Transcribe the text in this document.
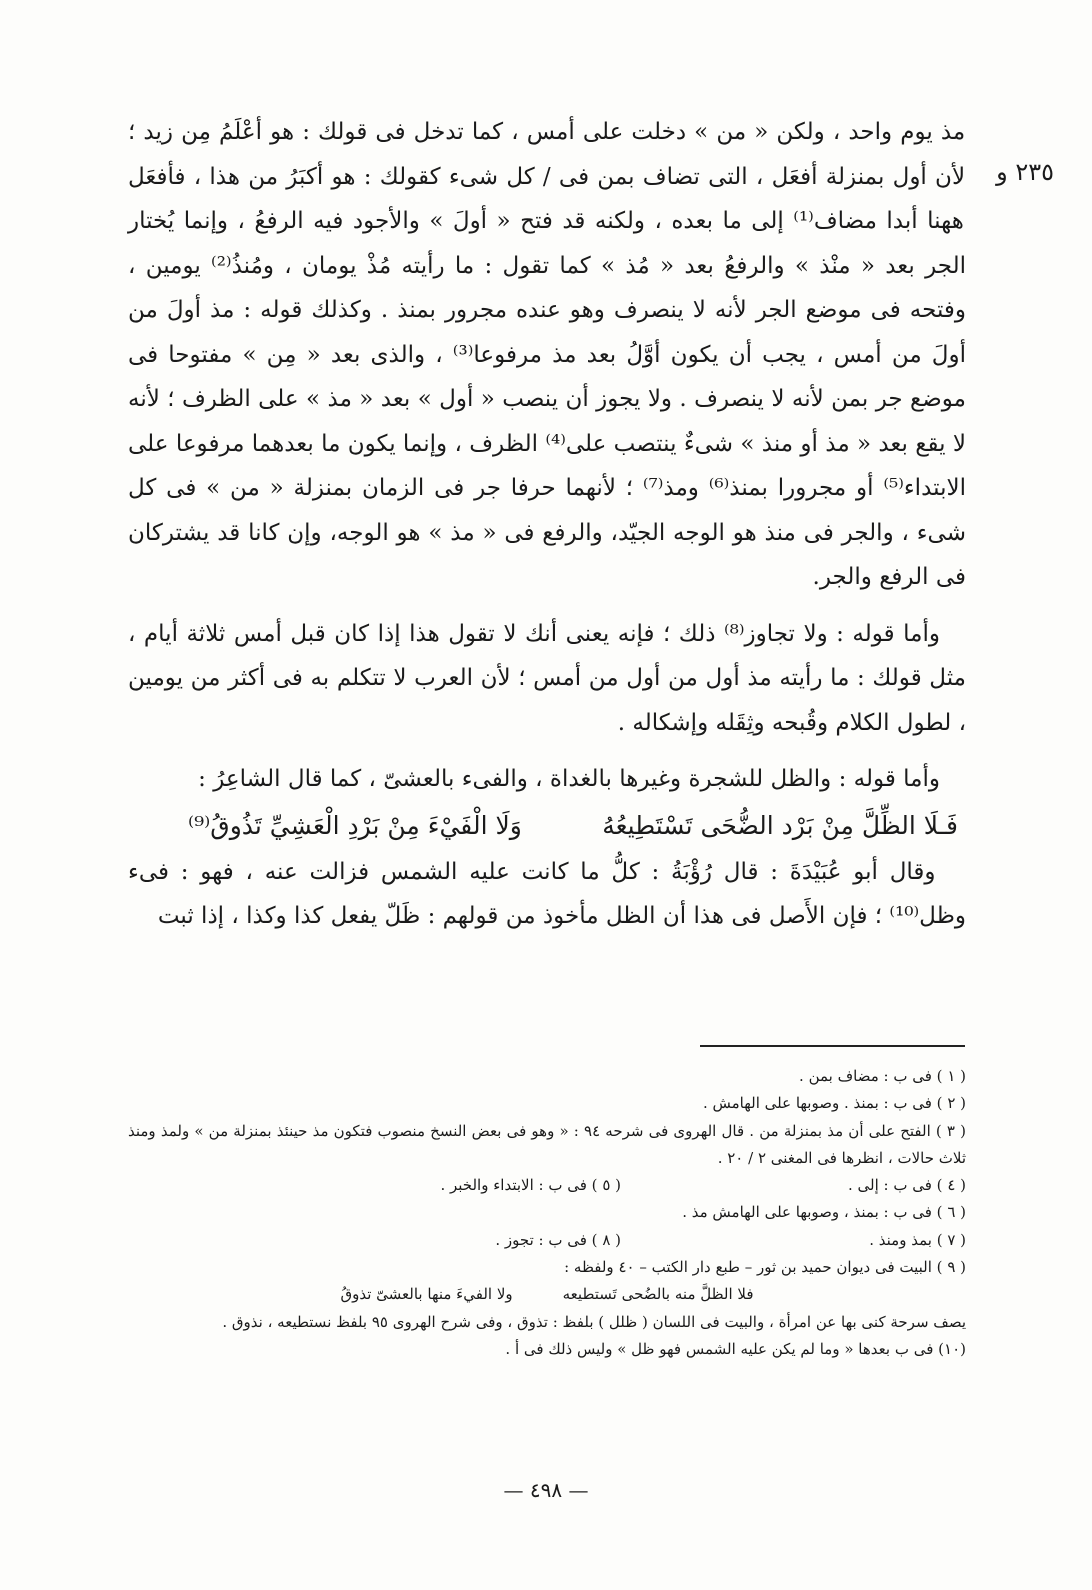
٢٣٥ و

مذ يوم واحد ، ولكن « من » دخلت على أمس ، كما تدخل فى قولك : هو أعْلَمُ مِن زيد ؛ لأن أول بمنزلة أفعَل ، التى تضاف بمن فى / كل شىء كقولك : هو أكبَرُ من هذا ، فأفعَل ههنا أبدا مضاف⁽¹⁾ إلى ما بعده ، ولكنه قد فتح « أولَ » والأجود فيه الرفعُ ، وإنما يُختار الجر بعد « منْذ » والرفعُ بعد « مُذ » كما تقول : ما رأيته مُذْ يومان ، ومُنذُ⁽²⁾ يومين ، وفتحه فى موضع الجر لأنه لا ينصرف وهو عنده مجرور بمنذ . وكذلك قوله : مذ أولَ من أولَ من أمس ، يجب أن يكون أوَّلُ بعد مذ مرفوعا⁽³⁾ ، والذى بعد « مِن » مفتوحا فى موضع جر بمن لأنه لا ينصرف . ولا يجوز أن ينصب « أول » بعد « مذ » على الظرف ؛ لأنه لا يقع بعد « مذ أو منذ » شىءٌ ينتصب على⁽⁴⁾ الظرف ، وإنما يكون ما بعدهما مرفوعا على الابتداء⁽⁵⁾ أو مجرورا بمنذ⁽⁶⁾ ومذ⁽⁷⁾ ؛ لأنهما حرفا جر فى الزمان بمنزلة « من » فى كل شىء ، والجر فى منذ هو الوجه الجيّد، والرفع فى « مذ » هو الوجه، وإن كانا قد يشتركان فى الرفع والجر.

وأما قوله : ولا تجاوز⁽⁸⁾ ذلك ؛ فإنه يعنى أنك لا تقول هذا إذا كان قبل أمس ثلاثة أيام ، مثل قولك : ما رأيته مذ أول من أول من أمس ؛ لأن العرب لا تتكلم به فى أكثر من يومين ، لطول الكلام وقُبحه وثِقَله وإشكاله .

وأما قوله : والظل للشجرة وغيرها بالغداة ، والفىء بالعشىّ ، كما قال الشاعِرُ :

فَـلَا الظِّلَّ مِنْ بَرْد الضُّحَى تَسْتَطِيعُهُ
وَلَا الْفَيْءَ مِنْ بَرْدِ الْعَشِيِّ تَذُوقُ⁽⁹⁾

وقال أبو عُبَيْدَةَ : قال رُؤْبَةُ : كلُّ ما كانت عليه الشمس فزالت عنه ، فهو : فىء وظل⁽¹⁰⁾ ؛ فإن الأَصل فى هذا أن الظل مأخوذ من قولهم : ظَلّ يفعل كذا وكذا ، إذا ثبت

( ١ ) فى ب : مضاف بمن .

( ٢ ) فى ب : بمنذ . وصوبها على الهامش .

( ٣ ) الفتح على أن مذ بمنزلة من . قال الهروى فى شرحه ٩٤ : « وهو فى بعض النسخ منصوب فتكون مذ حينئذ بمنزلة من » ولمذ ومنذ ثلاث حالات ، انظرها فى المغنى ٢ / ٢٠ .

( ٤ ) فى ب : إلى .

( ٥ ) فى ب : الابتداء والخبر .

( ٦ ) فى ب : بمنذ ، وصوبها على الهامش مذ .

( ٧ ) بمذ ومنذ .

( ٨ ) فى ب : تجوز .

( ٩ ) البيت فى ديوان حميد بن ثور – طبع دار الكتب – ٤٠ ولفظه :

فلا الظلَّ منه بالضُحى تَستطيعه
ولا الفيءَ منها بالعشىّ تذوقُ

يصف سرحة كنى بها عن امرأة ، والبيت فى اللسان ( ظلل ) بلفظ : تذوق ، وفى شرح الهروى ٩٥ بلفظ نستطيعه ، نذوق .

(١٠) فى ب بعدها « وما لم يكن عليه الشمس فهو ظل » وليس ذلك فى أ .

— ٤٩٨ —
